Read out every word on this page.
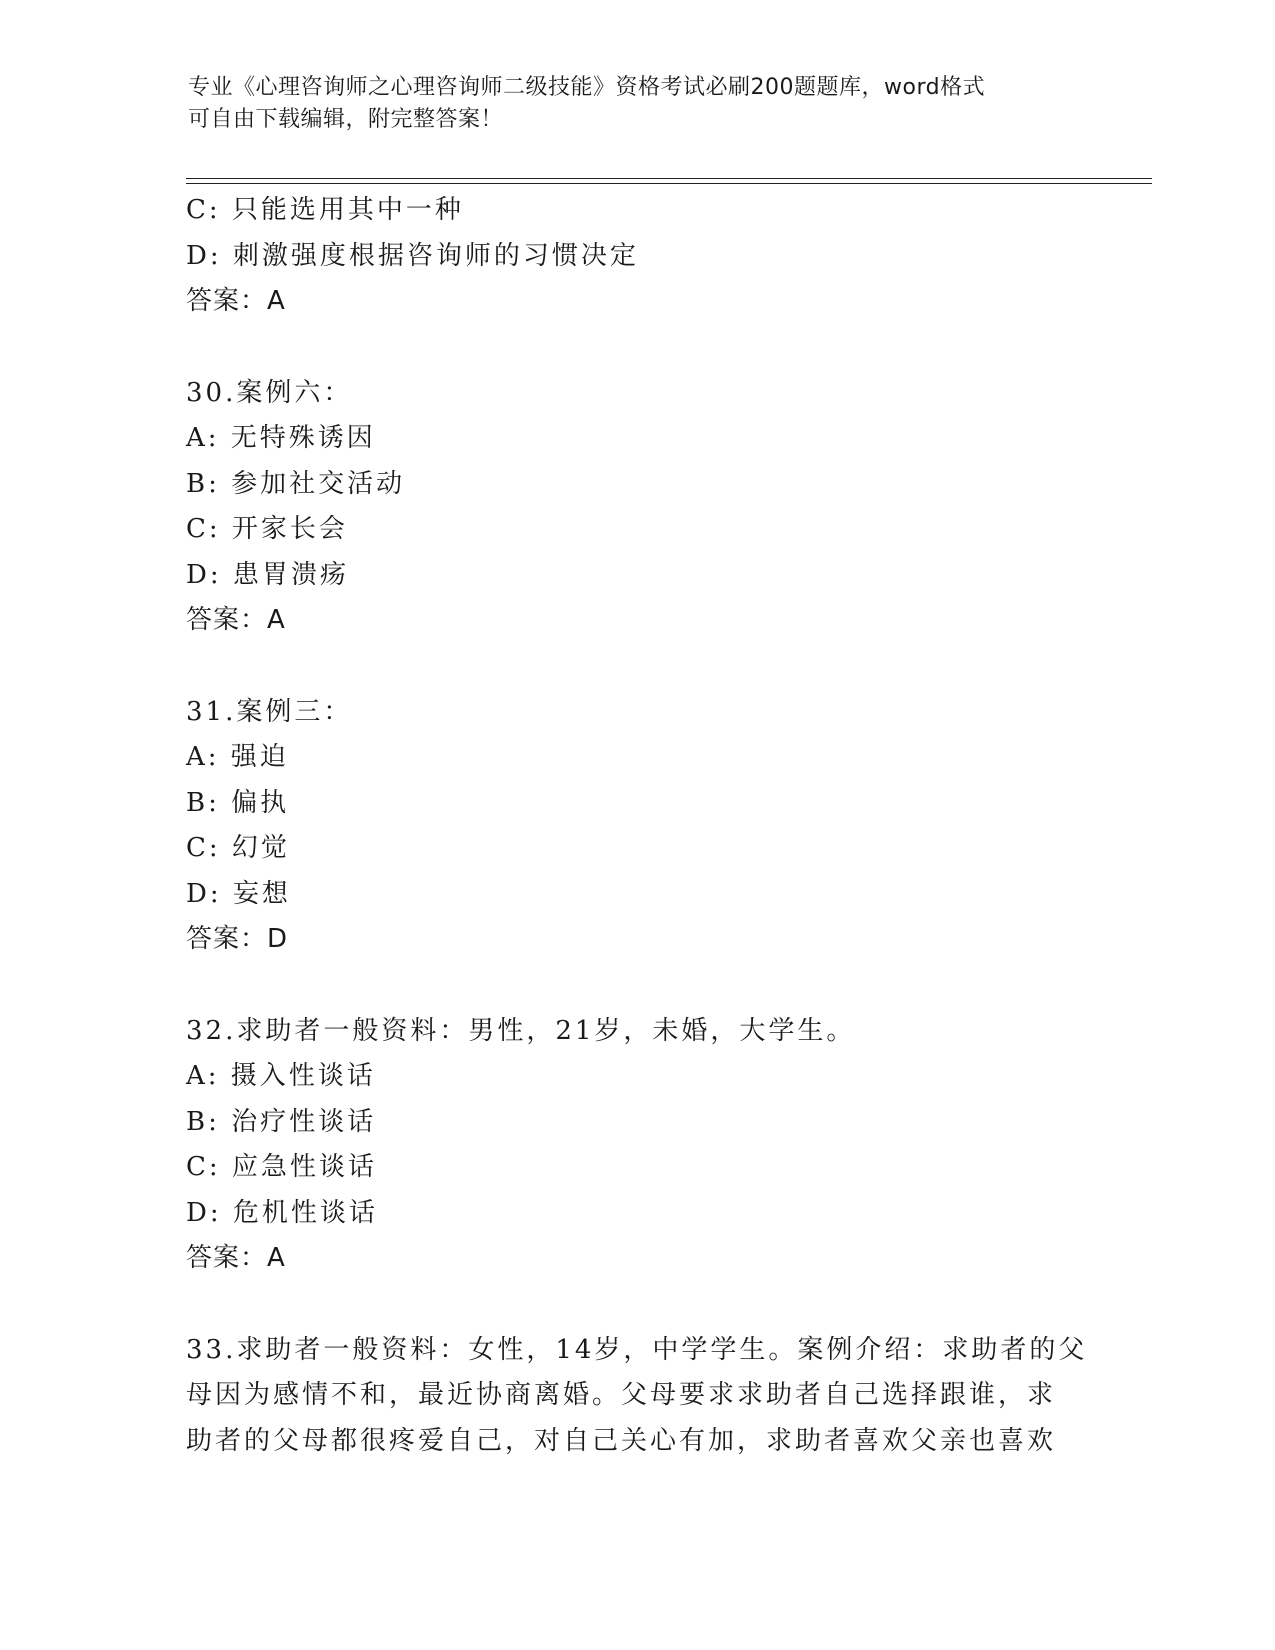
专业《心理咨询师之心理咨询师二级技能》资格考试必刷200题题库，word格式
可自由下载编辑，附完整答案！
C: 只能选用其中一种
D: 刺激强度根据咨询师的习惯决定
答案：A
30.案例六：
A: 无特殊诱因
B: 参加社交活动
C: 开家长会
D: 患胃溃疡
答案：A
31.案例三：
A: 强迫
B: 偏执
C: 幻觉
D: 妄想
答案：D
32.求助者一般资料：男性，21岁，未婚，大学生。
A: 摄入性谈话
B: 治疗性谈话
C: 应急性谈话
D: 危机性谈话
答案：A
33.求助者一般资料：女性，14岁，中学学生。案例介绍：求助者的父
母因为感情不和，最近协商离婚。父母要求求助者自己选择跟谁，求
助者的父母都很疼爱自己，对自己关心有加，求助者喜欢父亲也喜欢
